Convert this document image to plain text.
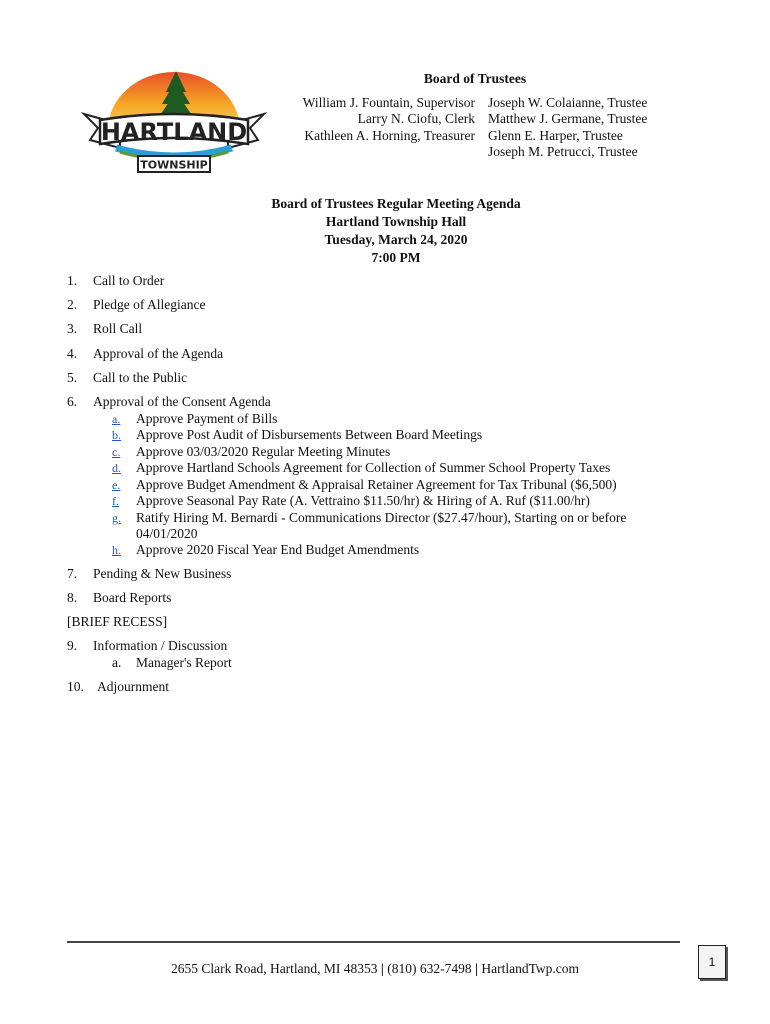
HARTLAND
TOWNSHIP
Board of Trustees
William J. Fountain, Supervisor
Larry N. Ciofu, Clerk
Kathleen A. Horning, Treasurer
Joseph W. Colaianne, Trustee
Matthew J. Germane, Trustee
Glenn E. Harper, Trustee
Joseph M. Petrucci, Trustee
Board of Trustees Regular Meeting Agenda
Hartland Township Hall
Tuesday, March 24, 2020
7:00 PM
1. Call to Order
2. Pledge of Allegiance
3. Roll Call
4. Approval of the Agenda
5. Call to the Public
6. Approval of the Consent Agenda
a. Approve Payment of Bills
b. Approve Post Audit of Disbursements Between Board Meetings
c. Approve 03/03/2020 Regular Meeting Minutes
d. Approve Hartland Schools Agreement for Collection of Summer School Property Taxes
e. Approve Budget Amendment & Appraisal Retainer Agreement for Tax Tribunal ($6,500)
f. Approve Seasonal Pay Rate (A. Vettraino $11.50/hr) & Hiring of A. Ruf ($11.00/hr)
g. Ratify Hiring M. Bernardi - Communications Director ($27.47/hour), Starting on or before 04/01/2020
h. Approve 2020 Fiscal Year End Budget Amendments
7. Pending & New Business
8. Board Reports
[BRIEF RECESS]
9. Information / Discussion
a. Manager's Report
10. Adjournment
2655 Clark Road, Hartland, MI 48353 | (810) 632-7498 | HartlandTwp.com	1
